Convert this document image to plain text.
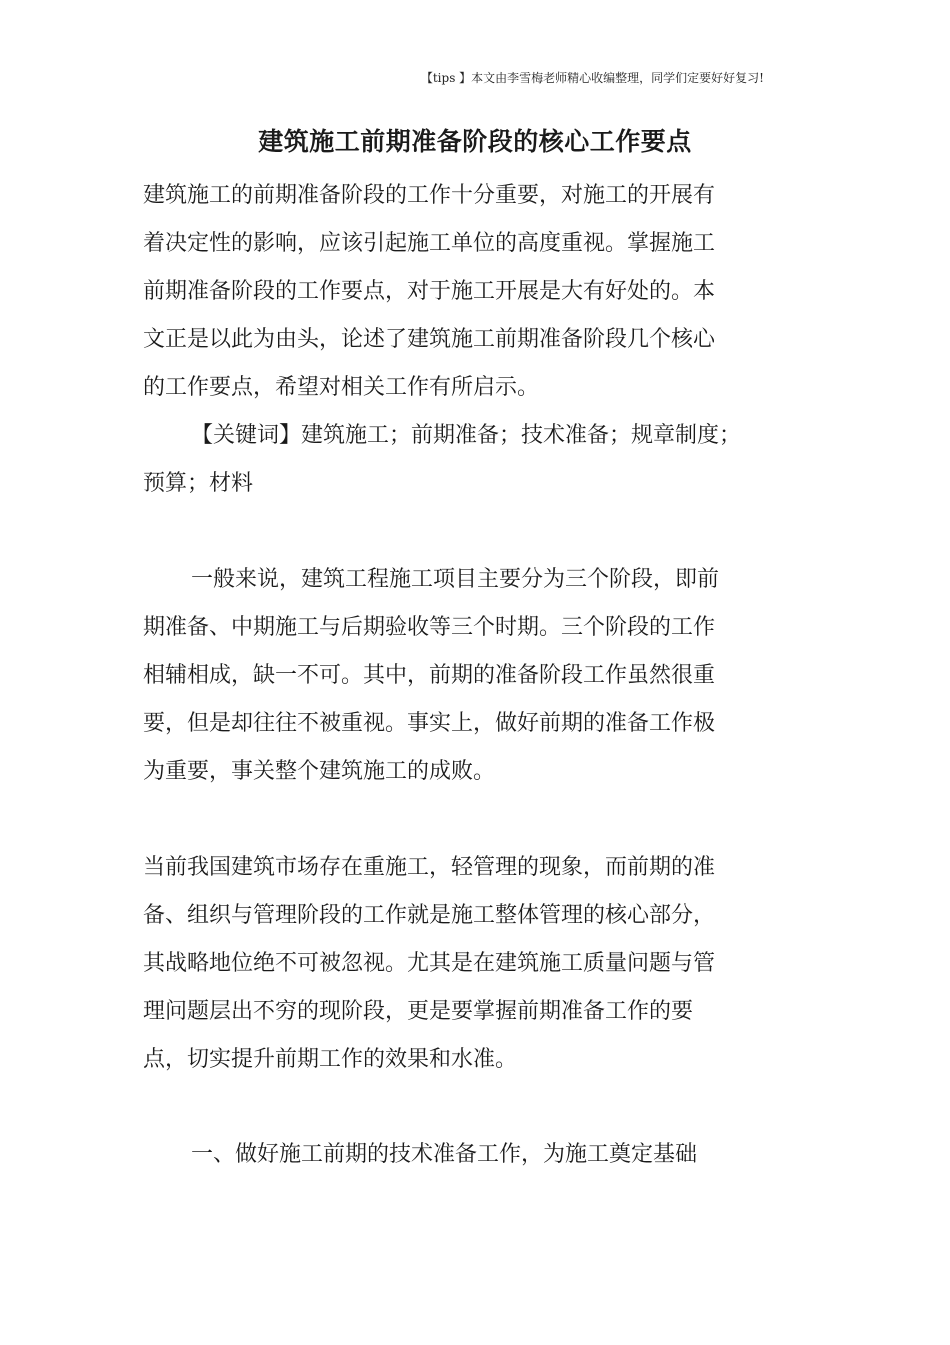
【tips 】本文由李雪梅老师精心收编整理，同学们定要好好复习!
建筑施工前期准备阶段的核心工作要点
建筑施工的前期准备阶段的工作十分重要，对施工的开展有
着决定性的影响，应该引起施工单位的高度重视。掌握施工
前期准备阶段的工作要点，对于施工开展是大有好处的。本
文正是以此为由头，论述了建筑施工前期准备阶段几个核心
的工作要点，希望对相关工作有所启示。
【关键词】建筑施工；前期准备；技术准备；规章制度；
预算；材料
一般来说，建筑工程施工项目主要分为三个阶段，即前
期准备、中期施工与后期验收等三个时期。三个阶段的工作
相辅相成，缺一不可。其中，前期的准备阶段工作虽然很重
要，但是却往往不被重视。事实上，做好前期的准备工作极
为重要，事关整个建筑施工的成败。
当前我国建筑市场存在重施工，轻管理的现象，而前期的准
备、组织与管理阶段的工作就是施工整体管理的核心部分，
其战略地位绝不可被忽视。尤其是在建筑施工质量问题与管
理问题层出不穷的现阶段，更是要掌握前期准备工作的要
点，切实提升前期工作的效果和水准。
一、做好施工前期的技术准备工作，为施工奠定基础
